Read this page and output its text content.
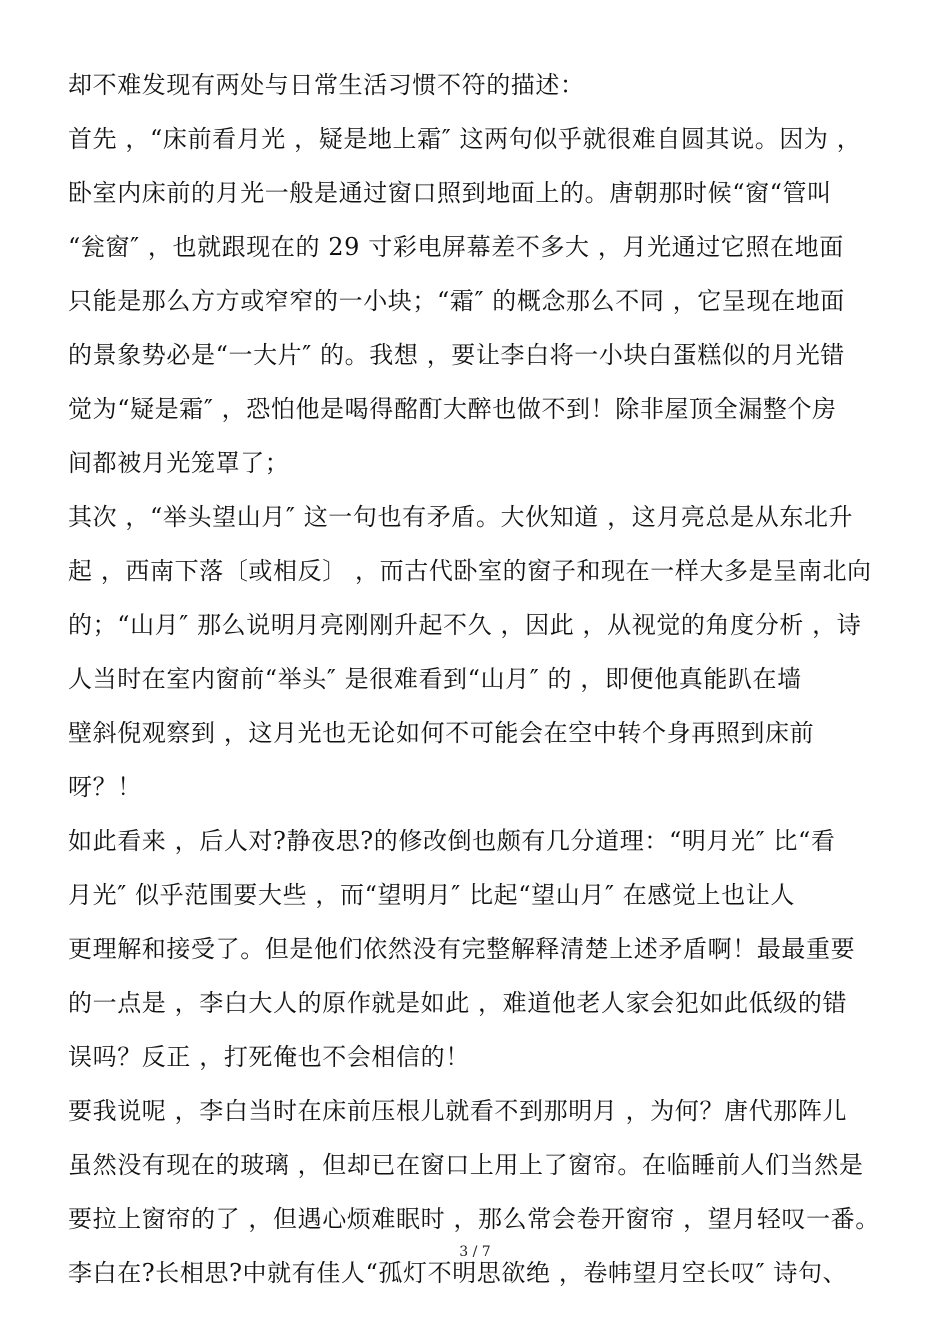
却不难发现有两处与日常生活习惯不符的描述：
首先 ，“床前看月光 ，疑是地上霜″ 这两句似乎就很难自圆其说。因为 ，
卧室内床前的月光一般是通过窗口照到地面上的。唐朝那时候“窗“管叫
“瓮窗″ ，也就跟现在的 29 寸彩电屏幕差不多大 ，月光通过它照在地面
只能是那么方方或窄窄的一小块；“霜″ 的概念那么不同 ，它呈现在地面
的景象势必是“一大片″ 的。我想 ，要让李白将一小块白蛋糕似的月光错
觉为“疑是霜″ ，恐怕他是喝得酩酊大醉也做不到！除非屋顶全漏整个房
间都被月光笼罩了；
其次 ，“举头望山月″ 这一句也有矛盾。大伙知道 ，这月亮总是从东北升
起 ，西南下落〔或相反〕 ，而古代卧室的窗子和现在一样大多是呈南北向
的；“山月″ 那么说明月亮刚刚升起不久 ，因此 ，从视觉的角度分析 ，诗
人当时在室内窗前“举头″ 是很难看到“山月″ 的 ，即便他真能趴在墙
壁斜倪观察到 ，这月光也无论如何不可能会在空中转个身再照到床前
呀？！
如此看来 ，后人对?静夜思?的修改倒也颇有几分道理：“明月光″ 比“看
月光″ 似乎范围要大些 ，而“望明月″ 比起“望山月″ 在感觉上也让人
更理解和接受了。但是他们依然没有完整解释清楚上述矛盾啊！最最重要
的一点是 ，李白大人的原作就是如此 ，难道他老人家会犯如此低级的错
误吗？反正 ，打死俺也不会相信的！
要我说呢 ，李白当时在床前压根儿就看不到那明月 ，为何？唐代那阵儿
虽然没有现在的玻璃 ，但却已在窗口上用上了窗帘。在临睡前人们当然是
要拉上窗帘的了 ，但遇心烦难眠时 ，那么常会卷开窗帘 ，望月轻叹一番。
李白在?长相思?中就有佳人“孤灯不明思欲绝 ，卷帏望月空长叹″ 诗句、
3 / 7
